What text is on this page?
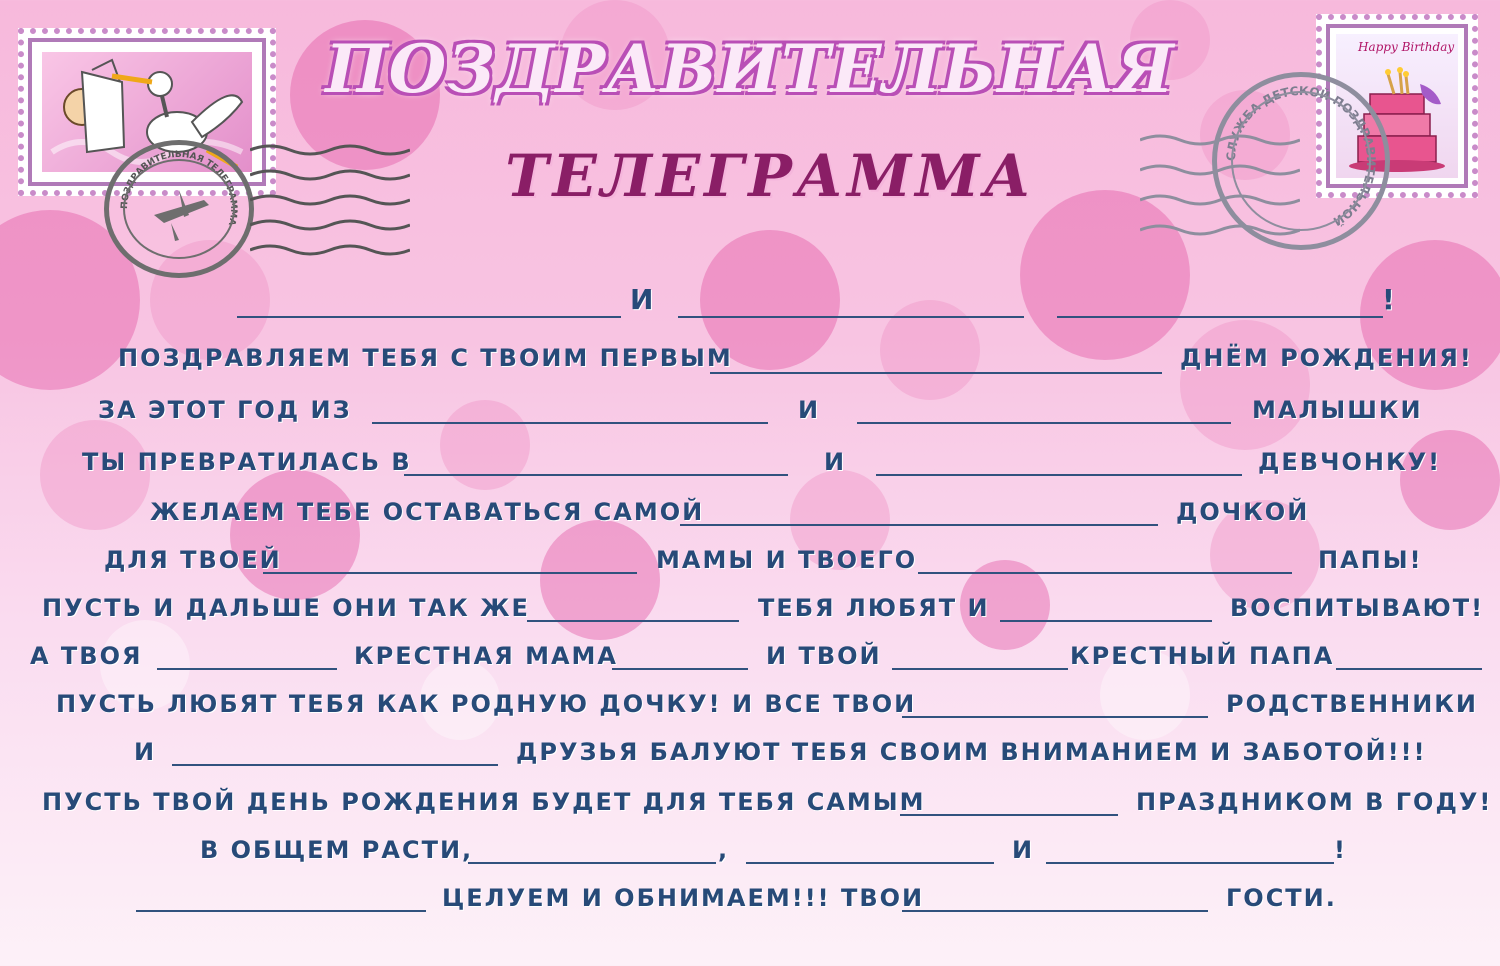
ПОЗДРАВИТЕЛЬНАЯ ТЕЛЕГРАММА
Happy Birthday
СЛУЖБА ДЕТСКОЙ ПОЗДРАВИТЕЛЬНОЙ
ПОЗДРАВИТЕЛЬНАЯ
ТЕЛЕГРАММА
И	!
ПОЗДРАВЛЯЕМ ТЕБЯ С ТВОИМ ПЕРВЫМ	ДНЁМ РОЖДЕНИЯ!
ЗА ЭТОТ ГОД ИЗ	И	МАЛЫШКИ
ТЫ ПРЕВРАТИЛАСЬ В	И	ДЕВЧОНКУ!
ЖЕЛАЕМ ТЕБЕ ОСТАВАТЬСЯ САМОЙ	ДОЧКОЙ
ДЛЯ ТВОЕЙ	МАМЫ И ТВОЕГО	ПАПЫ!
ПУСТЬ И ДАЛЬШЕ ОНИ ТАК ЖЕ	ТЕБЯ ЛЮБЯТ И	ВОСПИТЫВАЮТ!
А ТВОЯ	КРЕСТНАЯ МАМА	И ТВОЙ	КРЕСТНЫЙ ПАПА
ПУСТЬ ЛЮБЯТ ТЕБЯ КАК РОДНУЮ ДОЧКУ! И ВСЕ ТВОИ	РОДСТВЕННИКИ
И	ДРУЗЬЯ БАЛУЮТ ТЕБЯ СВОИМ ВНИМАНИЕМ И ЗАБОТОЙ!!!
ПУСТЬ ТВОЙ ДЕНЬ РОЖДЕНИЯ БУДЕТ ДЛЯ ТЕБЯ САМЫМ	ПРАЗДНИКОМ В ГОДУ!
В ОБЩЕМ РАСТИ,	,	И	!
ЦЕЛУЕМ И ОБНИМАЕМ!!! ТВОИ	ГОСТИ.
